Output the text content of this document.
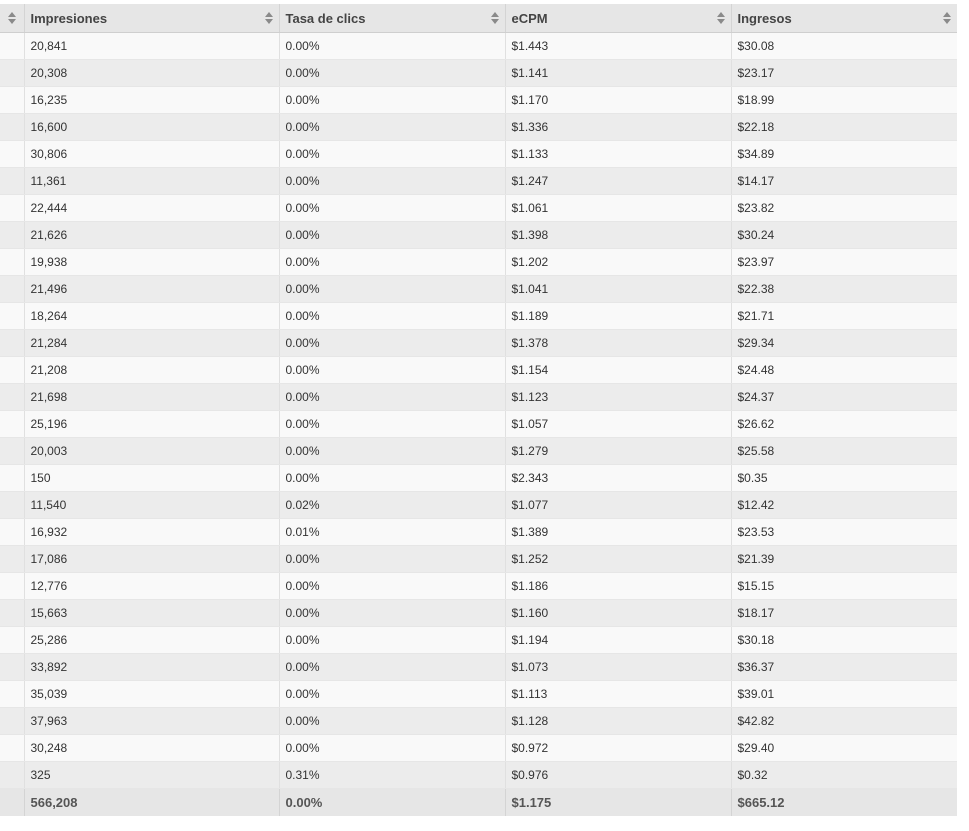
	Impresiones	Tasa de clics	eCPM	Ingresos

	20,841	0.00%	$1.443	$30.08
	20,308	0.00%	$1.141	$23.17
	16,235	0.00%	$1.170	$18.99
	16,600	0.00%	$1.336	$22.18
	30,806	0.00%	$1.133	$34.89
	11,361	0.00%	$1.247	$14.17
	22,444	0.00%	$1.061	$23.82
	21,626	0.00%	$1.398	$30.24
	19,938	0.00%	$1.202	$23.97
	21,496	0.00%	$1.041	$22.38
	18,264	0.00%	$1.189	$21.71
	21,284	0.00%	$1.378	$29.34
	21,208	0.00%	$1.154	$24.48
	21,698	0.00%	$1.123	$24.37
	25,196	0.00%	$1.057	$26.62
	20,003	0.00%	$1.279	$25.58
	150	0.00%	$2.343	$0.35
	11,540	0.02%	$1.077	$12.42
	16,932	0.01%	$1.389	$23.53
	17,086	0.00%	$1.252	$21.39
	12,776	0.00%	$1.186	$15.15
	15,663	0.00%	$1.160	$18.17
	25,286	0.00%	$1.194	$30.18
	33,892	0.00%	$1.073	$36.37
	35,039	0.00%	$1.113	$39.01
	37,963	0.00%	$1.128	$42.82
	30,248	0.00%	$0.972	$29.40
	325	0.31%	$0.976	$0.32
	566,208	0.00%	$1.175	$665.12
